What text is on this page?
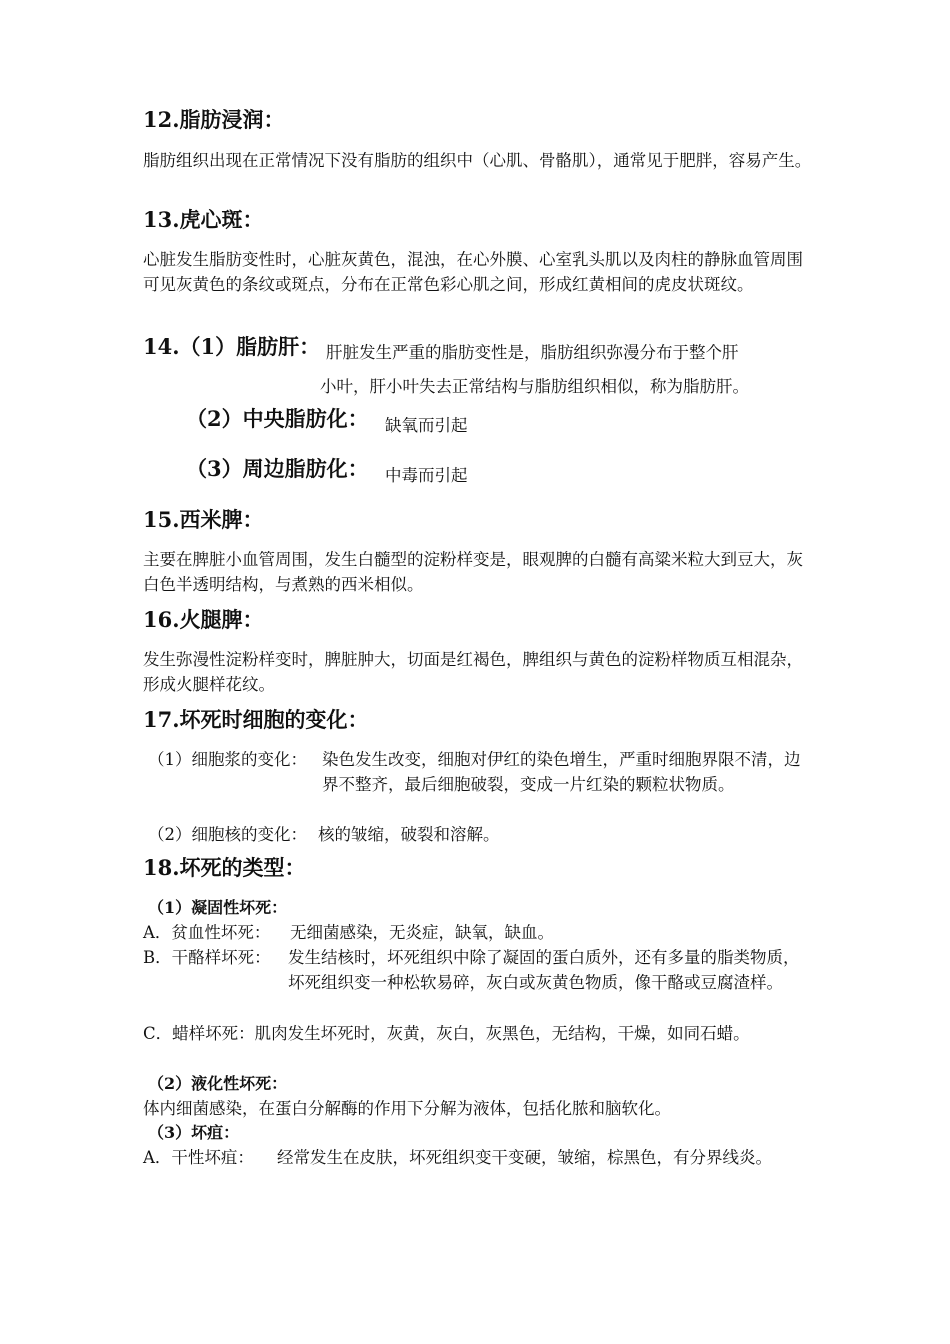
12.脂肪浸润：
脂肪组织出现在正常情况下没有脂肪的组织中（心肌、骨骼肌），通常见于肥胖，容易产生。
13.虎心斑：
心脏发生脂肪变性时，心脏灰黄色，混浊，在心外膜、心室乳头肌以及肉柱的静脉血管周围可见灰黄色的条纹或斑点，分布在正常色彩心肌之间，形成红黄相间的虎皮状斑纹。
14.（1）脂肪肝： 肝脏发生严重的脂肪变性是，脂肪组织弥漫分布于整个肝
小叶，肝小叶失去正常结构与脂肪组织相似，称为脂肪肝。
（2）中央脂肪化： 缺氧而引起
（3）周边脂肪化： 中毒而引起
15.西米脾：
主要在脾脏小血管周围，发生白髓型的淀粉样变是，眼观脾的白髓有高粱米粒大到豆大，灰白色半透明结构，与煮熟的西米相似。
16.火腿脾：
发生弥漫性淀粉样变时，脾脏肿大，切面是红褐色，脾组织与黄色的淀粉样物质互相混杂，形成火腿样花纹。
17.坏死时细胞的变化：
（1）细胞浆的变化： 染色发生改变，细胞对伊红的染色增生，严重时细胞界限不清，边界不整齐，最后细胞破裂，变成一片红染的颗粒状物质。
（2）细胞核的变化： 核的皱缩，破裂和溶解。
18.坏死的类型：
（1）凝固性坏死：
A．贫血性坏死： 无细菌感染，无炎症，缺氧，缺血。
B．干酪样坏死： 发生结核时，坏死组织中除了凝固的蛋白质外，还有多量的脂类物质，坏死组织变一种松软易碎，灰白或灰黄色物质，像干酪或豆腐渣样。
C．蜡样坏死：肌肉发生坏死时，灰黄，灰白，灰黑色，无结构，干燥，如同石蜡。
（2）液化性坏死：
体内细菌感染，在蛋白分解酶的作用下分解为液体，包括化脓和脑软化。
（3）坏疽：
A．干性坏疽： 经常发生在皮肤，坏死组织变干变硬，皱缩，棕黑色，有分界线炎。
